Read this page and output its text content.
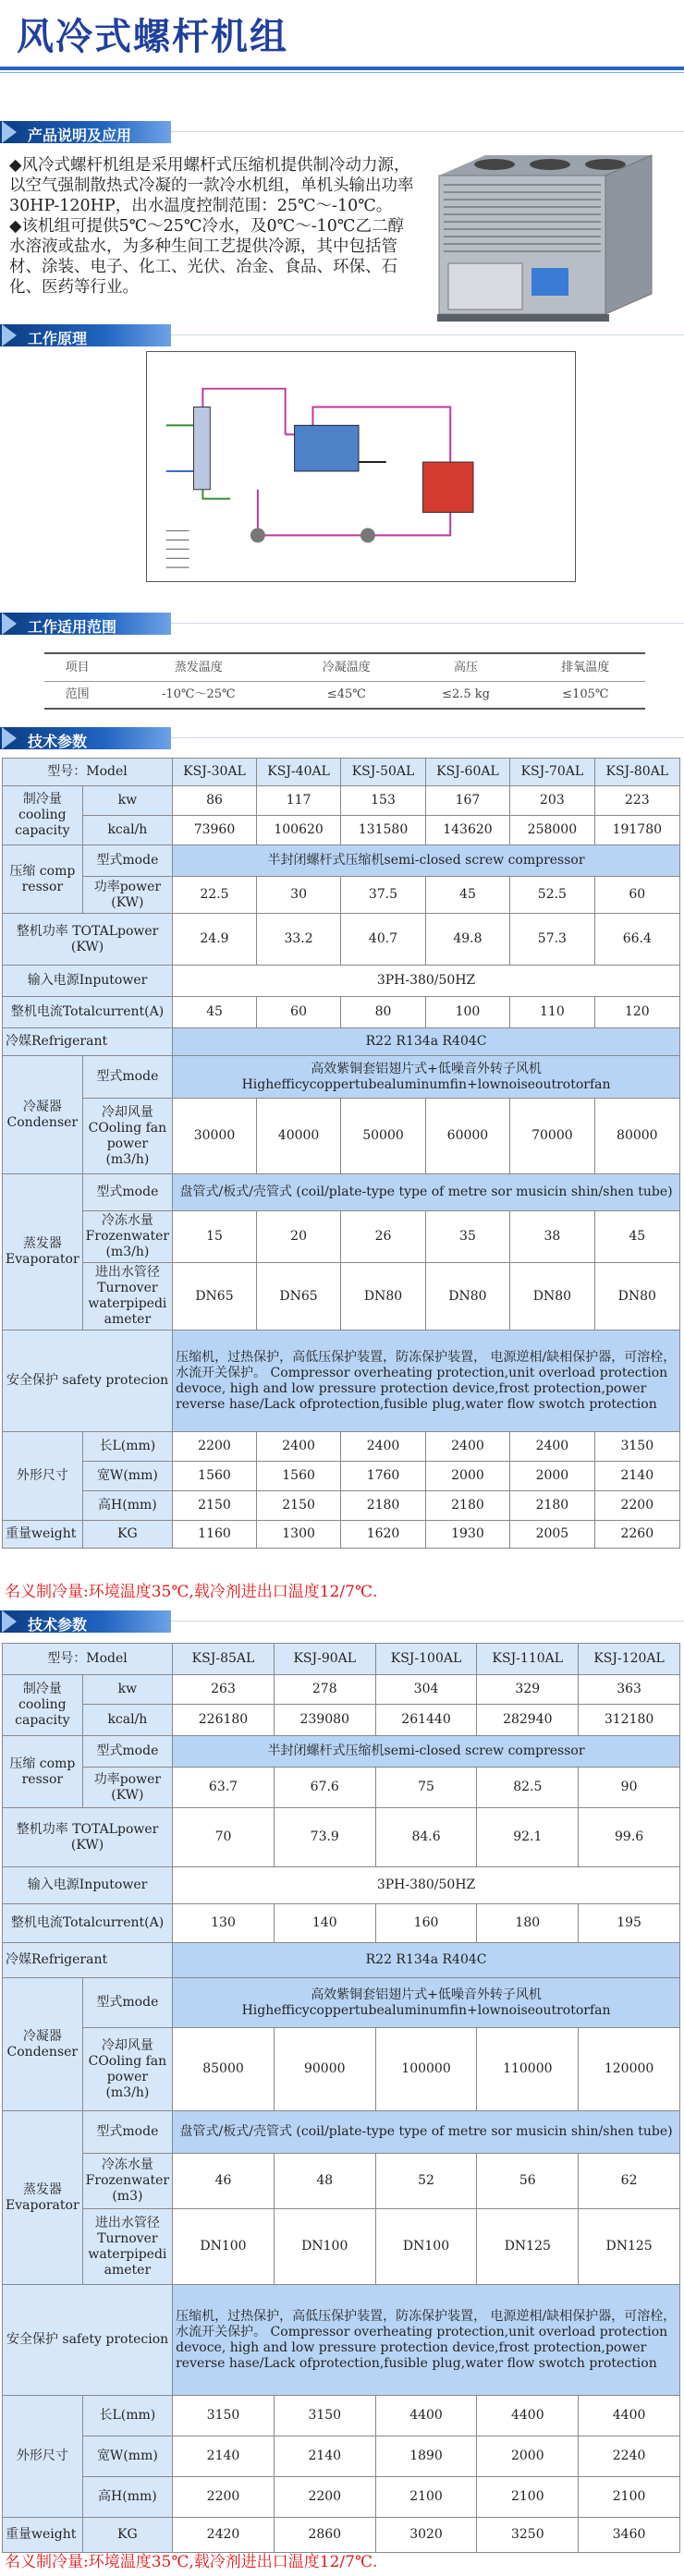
风冷式螺杆机组
产品说明及应用

◆风冷式螺杆机组是采用螺杆式压缩机提供制冷动力源，以空气强制散热式冷凝的一款冷水机组，单机头输出功率30HP-120HP，出水温度控制范围：25℃～-10℃。

◆该机组可提供5℃～25℃冷水，及0℃～-10℃乙二醇水溶液或盐水，为多种生间工艺提供冷源，其中包括管材、涂装、电子、化工、光伏、冶金、食品、环保、石化、医药等行业。

工作原理
工作适用范围
项目	蒸发温度	冷凝温度	高压	排氧温度
范围	-10℃～25℃	≤45℃	≤2.5 kg	≤105℃
技术参数
型号：Model		KSJ-30AL	KSJ-40AL	KSJ-50AL	KSJ-60AL	KSJ-70AL	KSJ-80AL
制冷量 cooling capacity	kw	86	117	153	167	203	223
	kcal/h	73960	100620	131580	143620	258000	191780
压缩 comp ressor	型式mode	半封闭螺杆式压缩机semi-closed screw compressor					
	功率power (KW)	22.5	30	37.5	45	52.5	60
整机功率 TOTALpower (KW)		24.9	33.2	40.7	49.8	57.3	66.4
输入电源Inputower		3PH-380/50HZ					
整机电流Totalcurrent(A)		45	60	80	100	110	120
冷媒Refrigerant		R22 R134a R404C					
冷凝器 Condenser	型式mode	高效紫铜套铝翅片式+低噪音外转子风机 Highefficycoppertubealuminumfin+lownoiseoutrotorfan					
	冷却风量 COoling fan power (m3/h)	30000	40000	50000	60000	70000	80000
蒸发器 Evaporator	型式mode	盘管式/板式/壳管式 (coil/plate-type type of metre sor musicin shin/shen tube)					
	冷冻水量 Frozenwater (m3/h)	15	20	26	35	38	45
	进出水管径 Turnover waterpipedi ameter	DN65	DN65	DN80	DN80	DN80	DN80
安全保护 safety protecion		压缩机，过热保护，高低压保护装置，防冻保护装置， 电源逆相/缺相保护器，可溶栓，水流开关保护。 Compressor overheating protection,unit overload protection devoce, high and low pressure protection device,frost protection,power reverse hase/Lack ofprotection,fusible plug,water flow swotch protection					
外形尺寸	长L(mm)	2200	2400	2400	2400	2400	3150
	宽W(mm)	1560	1560	1760	2000	2000	2140
	高H(mm)	2150	2150	2180	2180	2180	2200
重量weight	KG	1160	1300	1620	1930	2005	2260
名义制冷量:环境温度35℃,载冷剂进出口温度12/7℃.
技术参数
型号：Model		KSJ-85AL	KSJ-90AL	KSJ-100AL	KSJ-110AL	KSJ-120AL
制冷量 cooling capacity	kw	263	278	304	329	363
	kcal/h	226180	239080	261440	282940	312180
压缩 comp ressor	型式mode	半封闭螺杆式压缩机semi-closed screw compressor				
	功率power (KW)	63.7	67.6	75	82.5	90
整机功率 TOTALpower (KW)		70	73.9	84.6	92.1	99.6
输入电源Inputower		3PH-380/50HZ				
整机电流Totalcurrent(A)		130	140	160	180	195
冷媒Refrigerant		R22 R134a R404C				
冷凝器 Condenser	型式mode	高效紫铜套铝翅片式+低噪音外转子风机 Highefficycoppertubealuminumfin+lownoiseoutrotorfan				
	冷却风量 COoling fan power (m3/h)	85000	90000	100000	110000	120000
蒸发器 Evaporator	型式mode	盘管式/板式/壳管式 (coil/plate-type type of metre sor musicin shin/shen tube)				
	冷冻水量 Frozenwater (m3)	46	48	52	56	62
	进出水管径 Turnover waterpipedi ameter	DN100	DN100	DN100	DN125	DN125
安全保护 safety protecion		压缩机，过热保护，高低压保护装置，防冻保护装置， 电源逆相/缺相保护器，可溶栓，水流开关保护。 Compressor overheating protection,unit overload protection devoce, high and low pressure protection device,frost protection,power reverse hase/Lack ofprotection,fusible plug,water flow swotch protection				
外形尺寸	长L(mm)	3150	3150	4400	4400	4400
	宽W(mm)	2140	2140	1890	2000	2240
	高H(mm)	2200	2200	2100	2100	2100
重量weight	KG	2420	2860	3020	3250	3460
名义制冷量:环境温度35℃,载冷剂进出口温度12/7℃.
